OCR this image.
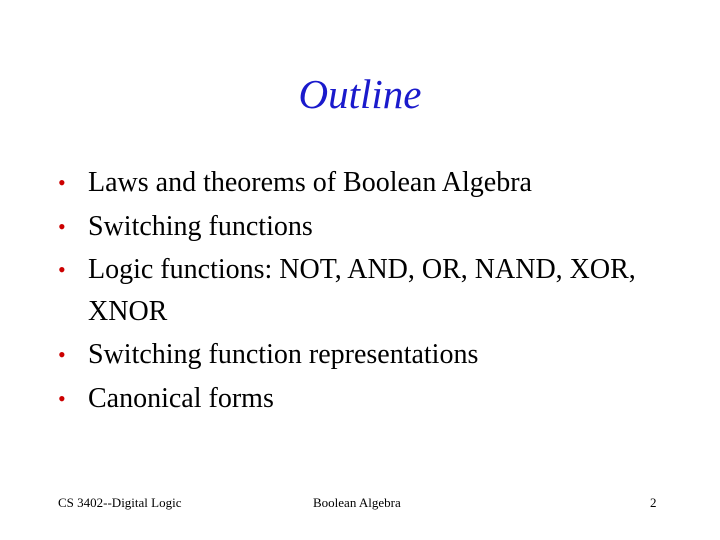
Outline
• Laws and theorems of Boolean Algebra
• Switching functions
• Logic functions: NOT, AND, OR, NAND, XOR, XNOR
• Switching function representations
• Canonical forms
CS 3402--Digital Logic	Boolean Algebra	2
